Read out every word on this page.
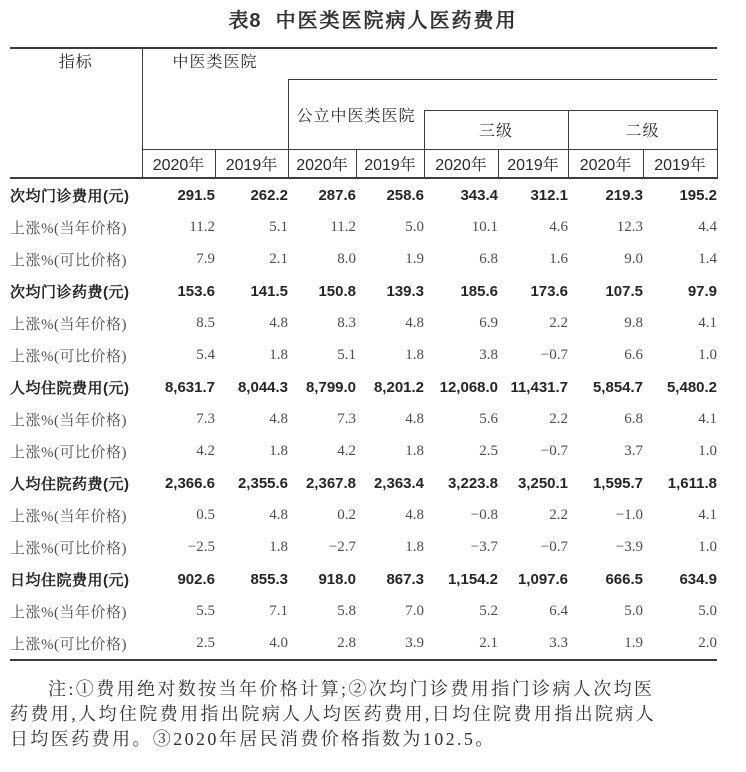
表8 中医类医院病人医药费用
指标	中医类医院							
			公立中医类医院					
					三级		二级	
	2020年	2019年	2020年	2019年	2020年	2019年	2020年	2019年
次均门诊费用(元)	291.5	262.2	287.6	258.6	343.4	312.1	219.3	195.2
上涨%(当年价格)	11.2	5.1	11.2	5.0	10.1	4.6	12.3	4.4
上涨%(可比价格)	7.9	2.1	8.0	1.9	6.8	1.6	9.0	1.4
次均门诊药费(元)	153.6	141.5	150.8	139.3	185.6	173.6	107.5	97.9
上涨%(当年价格)	8.5	4.8	8.3	4.8	6.9	2.2	9.8	4.1
上涨%(可比价格)	5.4	1.8	5.1	1.8	3.8	−0.7	6.6	1.0
人均住院费用(元)	8,631.7	8,044.3	8,799.0	8,201.2	12,068.0	11,431.7	5,854.7	5,480.2
上涨%(当年价格)	7.3	4.8	7.3	4.8	5.6	2.2	6.8	4.1
上涨%(可比价格)	4.2	1.8	4.2	1.8	2.5	−0.7	3.7	1.0
人均住院药费(元)	2,366.6	2,355.6	2,367.8	2,363.4	3,223.8	3,250.1	1,595.7	1,611.8
上涨%(当年价格)	0.5	4.8	0.2	4.8	−0.8	2.2	−1.0	4.1
上涨%(可比价格)	−2.5	1.8	−2.7	1.8	−3.7	−0.7	−3.9	1.0
日均住院费用(元)	902.6	855.3	918.0	867.3	1,154.2	1,097.6	666.5	634.9
上涨%(当年价格)	5.5	7.1	5.8	7.0	5.2	6.4	5.0	5.0
上涨%(可比价格)	2.5	4.0	2.8	3.9	2.1	3.3	1.9	2.0
注:①费用绝对数按当年价格计算;②次均门诊费用指门诊病人次均医
药费用,人均住院费用指出院病人人均医药费用,日均住院费用指出院病人
日均医药费用。③2020年居民消费价格指数为102.5。
